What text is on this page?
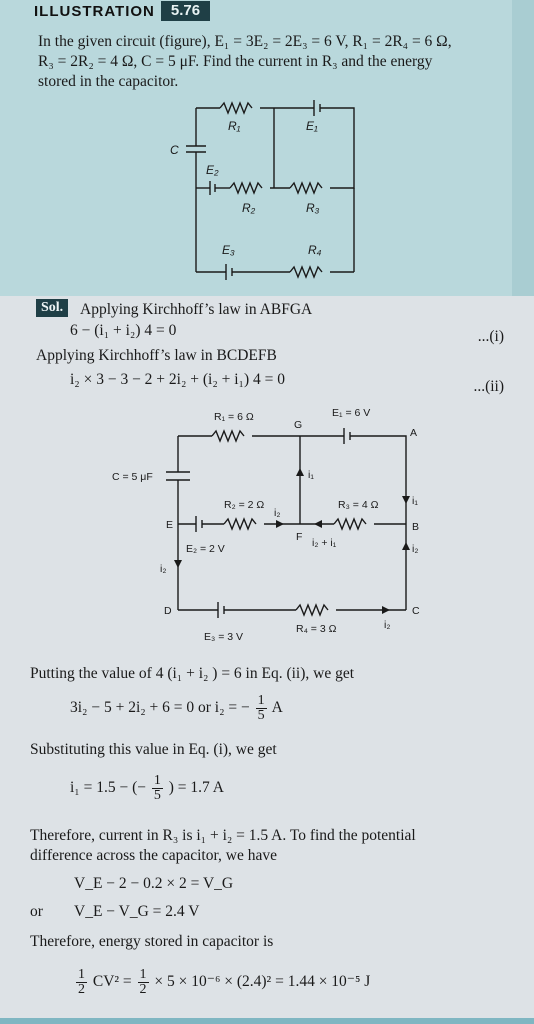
ILLUSTRATION	5.76
In the given circuit (figure), E₁ = 3E₂ = 2E₃ = 6 V, R₁ = 2R₄ = 6 Ω,
R₃ = 2R₂ = 4 Ω, C = 5 μF. Find the current in R₃ and the energy
stored in the capacitor.
C
R₁	E₁
E₂
R₂	R₃
E₃	R₄
Sol.	Applying Kirchhoff’s law in ABFGA
6 − (i₁ + i₂) 4 = 0	...(i)
Applying Kirchhoff’s law in BCDEFB
i₂ × 3 − 3 − 2 + 2i₂ + (i₂ + i₁) 4 = 0	...(ii)
R₁ = 6 Ω
G
E₁ = 6 V
A
i₁
C = 5 μF
R₂ = 2 Ω
i₂
R₃ = 4 Ω	i₁
E	B
F i₂ + i₁
E₂ = 2 V	i₂
i₂
D	C
R₄ = 3 Ω	i₂
E₃ = 3 V
Putting the value of 4 (i₁ + i₂ ) = 6 in Eq. (ii), we get
3i₂ − 5 + 2i₂ + 6 = 0 or i₂ = − $\frac{1}{5}$ A
Substituting this value in Eq. (i), we get
i₁ = 1.5 − (− $\frac{1}{5}$ ) = 1.7 A
Therefore, current in R₃ is i₁ + i₂ = 1.5 A. To find the potential
difference across the capacitor, we have
V_E − 2 − 0.2 × 2 = V_G
or V_E − V_G = 2.4 V
Therefore, energy stored in capacitor is
$\frac{1}{2} CV^2 = \frac{1}{2} \times 5 \times 10^{-6} \times (2.4)^2 = 1.44 \times 10^{-5}$ J
